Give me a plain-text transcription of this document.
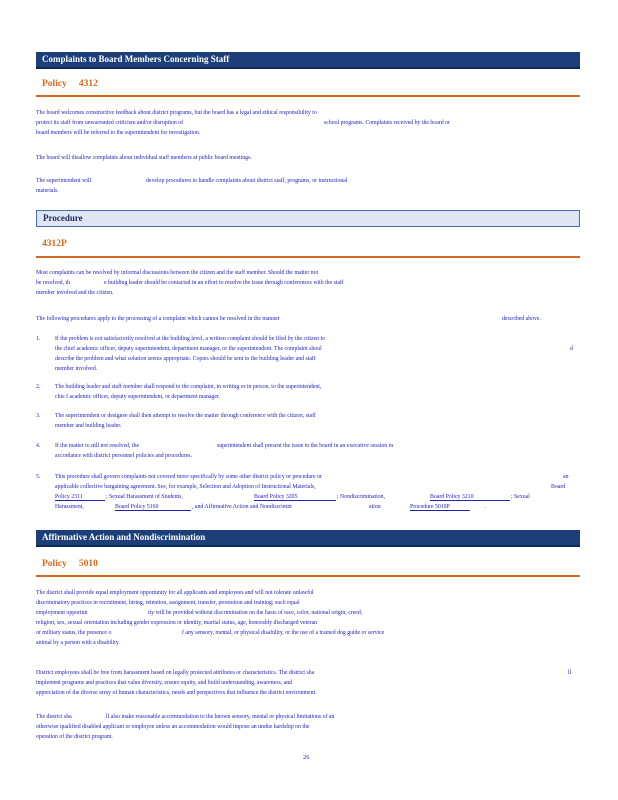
Complaints to Board Members Concerning Staff
Policy 4312
The board welcomes constructive feedback about district programs, but the board has a legal and ethical responsibility to
protect its staff from unwarranted criticism and/or disruption of	school programs. Complaints received by the board or
board members will be referred to the superintendent for investigation.
The board will disallow complaints about individual staff members at public board meetings.
The superintendent will	develop procedures to handle complaints about district staff, programs, or instructional
materials.
Procedure
4312P
Most complaints can be resolved by informal discussions between the citizen and the staff member. Should the matter not
be resolved, th	e building leader should be contacted in an effort to resolve the issue through conferences with the staff
member involved and the citizen.
The following procedures apply to the processing of a complaint which cannot be resolved in the manner	described above.
1.	If the problem is not satisfactorily resolved at the building level, a written complaint should be filed by the citizen to
the chief academic officer, deputy superintendent, department manager, or the superintendent. The complaint shoul	d
describe the problem and what solution seems appropriate. Copies should be sent to the building leader and staff
member involved.
2.	The building leader and staff member shall respond to the complaint, in writing or in person, to the superintendent,
chie f academic officer, deputy superintendent, or department manager.
3.	The superintendent or designee shall then attempt to resolve the matter through conference with the citizen, staff
member and building leader.
4.	If the matter is still not resolved, the	superintendent shall present the issue to the board in an executive session in
accordance with district personnel policies and procedures.
5.	This procedure shall govern complaints not covered more specifically by some other district policy or procedure or	an
applicable collective bargaining agreement. See, for example, Selection and Adoption of Instructional Materials,	Board
Policy 2311	; Sexual Harassment of Students,	Board Policy 3205	; Nondiscrimination,	Board Policy 3210	; Sexual
Harassment,	Board Policy 5160	, and Affirmative Action and Nondiscrimin	ation	Procedure 5010P	.
Affirmative Action and Nondiscrimination
Policy 5010
The district shall provide equal employment opportunity for all applicants and employees and will not tolerate unlawful
discriminatory practices in recruitment, hiring, retention, assignment, transfer, promotion and training; such equal
employment opportun	ity will be provided without discrimination on the basis of race, color, national origin, creed,
religion, sex, sexual orientation including gender expression or identity, marital status, age, honorably discharged veteran
or military status, the presence o	f any sensory, mental, or physical disability, or the use of a trained dog guide or service
animal by a person with a disability.
District employees shall be free from harassment based on legally protected attributes or characteristics. The district sha	ll
implement programs and practices that value diversity, ensure equity, and build understanding, awareness, and
appreciation of the diverse array of human characteristics, needs and perspectives that influence the district environment.
The district sha	ll also make reasonable accommodation to the known sensory, mental or physical limitations of an
otherwise qualified disabled applicant or employee unless an accommodation would impose an undue hardship on the
operation of the district program.
26
